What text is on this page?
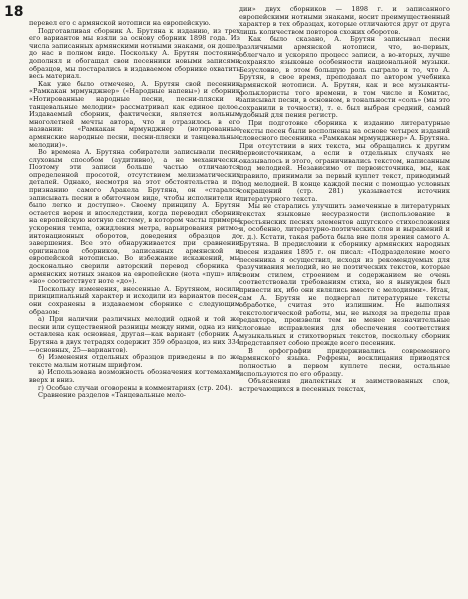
18

перевел его с армянской нотописи на европейскую.

Подготавливая сборник А. Брутяна к изданию, из трех его вариантов мы взяли за основу сборник 1898 года. Из числа записанных армянскими нотными знаками, он дошел до нас в полном виде. Поскольку А. Брутян постоянно дополнял и обогащал свои песенники новыми записями образцов, мы постарались в издаваемом сборнике охватить весь материал.

Как уже было отмечено, А. Брутян свой песенник «Рамкакан мрмунджнер» («Народные напевы») и сборник «Нотированные народные песни, песни-пляски и танцевальные мелодии» рассматривал как единое целое. Издаваемый сборник, фактически, является вольным многолетней мечты автора, что и отразилось в его названии: «Рамкакан мрмунджнер (нотированные армянские народные песни, песни-пляски и танцевальные мелодии)».

Во времена А. Брутяна собиратели записывали песни слуховым способом (аудитивно), а не механически. Поэтому эти записи больше частью отличаются определенной просотой, отсутствием мелизматических деталей. Однако, несмотря на этот обстоятельства и по признанию самого Аракела Брутяна, он «старался записывать песни в обиточном виде, чтобы исполнители и было легко и доступно». Своему принципу А. Брутян остается верен и впоследствии, когда переводил сборник на европейскую нотную систему, в котором часты примеры ускорения темпа, ожидления метра, варьирования ритмо-интонационных оборотов, доведения образцов до завершения. Все это обнаруживается при сравнении оригиналов сборников, записанных армянской и европейской нотописью. Во избежание искажений, мы досконально сверили авторский перевод сборника с армянских нотных знаков на европейские (нота «пуш» или «но» соответствует ноте «до»).

Поскольку изменения, внесенные А. Брутяном, носили принципиальный характер и исходили из вариантов песен, они сохранены в издаваемом сборнике с следующим образом:

а) При наличии различных мелодий одной и той же песни или существенной разницы между ними, одна из них оставлена как основная, другая—как вариант (сборник А. Брутяна в двух тетрадях содержит 359 образцов, из них 334—основных, 25—вариантов).

б) Изменения отдельных образцов приведены в по же тексте малым нотным шрифтом.

в) Использована возможность обозначения когтемахами вверх и вниз.

г) Особые случаи оговорены в комментариях (стр. 204).

Сравнение разделов «Танцевальные мело-

дии» двух сборников — 1898 г. и записанного европейскими нотными знаками, носит преимущественный характер в тех образцах, которые отличаются друг от друга лишь количеством повторов схожих оборотов.

Как было сказано, А. Брутян записывал песни различными армянской нотописи, что, во-первых, облегчало и ускоряло процесс записи, а во-вторых, лучше сохраняло языковые особенности национальной музыки. Безусловно, в этом большую роль сыграло и то, что А. Брутян, в свое время, преподавал по автором учебника армянской нотописи. А. Брутян, как и все музыканты-фольклористы того времени, в том числе и Комитас, записывал песни, в основном, в тональности «соль» (мы это сохранили в точности), т. е. был выбран средний, самый удобный для пения регистр.

При подготовке сборника к изданию литературные тексты песен были восполнены на основе четырех изданий словесного песенника «Рамкакан мрмунджнер» А. Брутяна. При отсутствии в них текста, мы обращались к другим первоисточникам, а если в отдельных случаях не оказывалось и этого, ограничивались текстом, написанным под мелодией. Независимо от первоисточника, мы, как правило, принимали за первый куплет текст, приводимый под мелодией. В конце каждой песни с помощью условных сокращений (стр. 281) указывается источник литературного текста.

Мы не старались улучшить замеченные в литературных текстах языковые несуразности (использование в крестьянских песнях элементов ашугского стихосложения и, особенно, литературно-поэтических слов и выражений и т. д.). Кстати, такая работа была вне поля зрения самого А. Брутяна. В предисловии к сборнику армянских народных песен издания 1895 г. он писал: «Подразделение моего песенника я осуществил, исходя из рекомендуемых для разучивания мелодий, но не поэтических текстов, которые своим стилем, строением и содержанием не очень соответствовали требованиям стиха, но я вынужден был привести их, ибо они являлись вместе с мелодиями». Итак, сам А. Брутян не подвергал литературные тексты обработке, считая это излишним. Не выполняя текстологической работы, мы, не выходя за пределы прав редактора, произвели тем не менее незначительные слоговые исправления для обеспечения соответствия музыкальных и стихотворных текстов, поскольку сборник представляет собою прежде всего песенник.

В орфографии придерживались современного армянского языка. Рефрены, восклицания приводятся полностью в первом куплете песни, остальные используются по его образцу.

Объяснения диалектных и заимствованных слов, встречающихся в песенных текстах,
